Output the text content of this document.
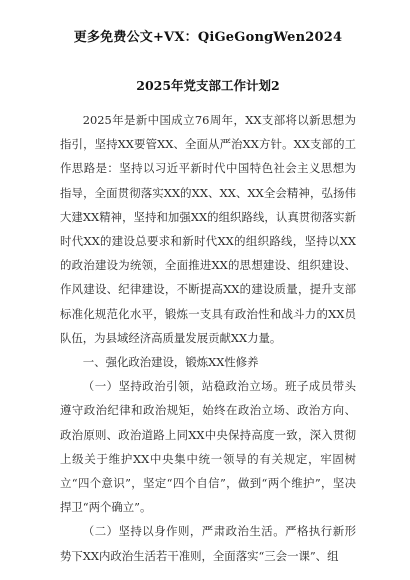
更多免费公文+VX：QiGeGongWen2024
2025年党支部工作计划2

2025年是新中国成立76周年，XX支部将以新思想为指引，坚持XX要管XX、全面从严治XX方针。XX支部的工作思路是：坚持以习近平新时代中国特色社会主义思想为指导，全面贯彻落实XX的XX、XX、XX全会精神，弘扬伟大建XX精神，坚持和加强XX的组织路线，认真贯彻落实新时代XX的建设总要求和新时代XX的组织路线，坚持以XX的政治建设为统领，全面推进XX的思想建设、组织建设、作风建设、纪律建设，不断提高XX的建设质量，提升支部标准化规范化水平，锻炼一支具有政治性和战斗力的XX员队伍，为县域经济高质量发展贡献XX力量。

一、强化政治建设，锻炼XX性修养

（一）坚持政治引领，站稳政治立场。班子成员带头遵守政治纪律和政治规矩，始终在政治立场、政治方向、政治原则、政治道路上同XX中央保持高度一致，深入贯彻上级关于维护XX中央集中统一领导的有关规定，牢固树立“四个意识”，坚定“四个自信”，做到“两个维护”，坚决捍卫“两个确立”。

（二）坚持以身作则，严肃政治生活。严格执行新形势下XX内政治生活若干准则，全面落实“三会一课”、组
